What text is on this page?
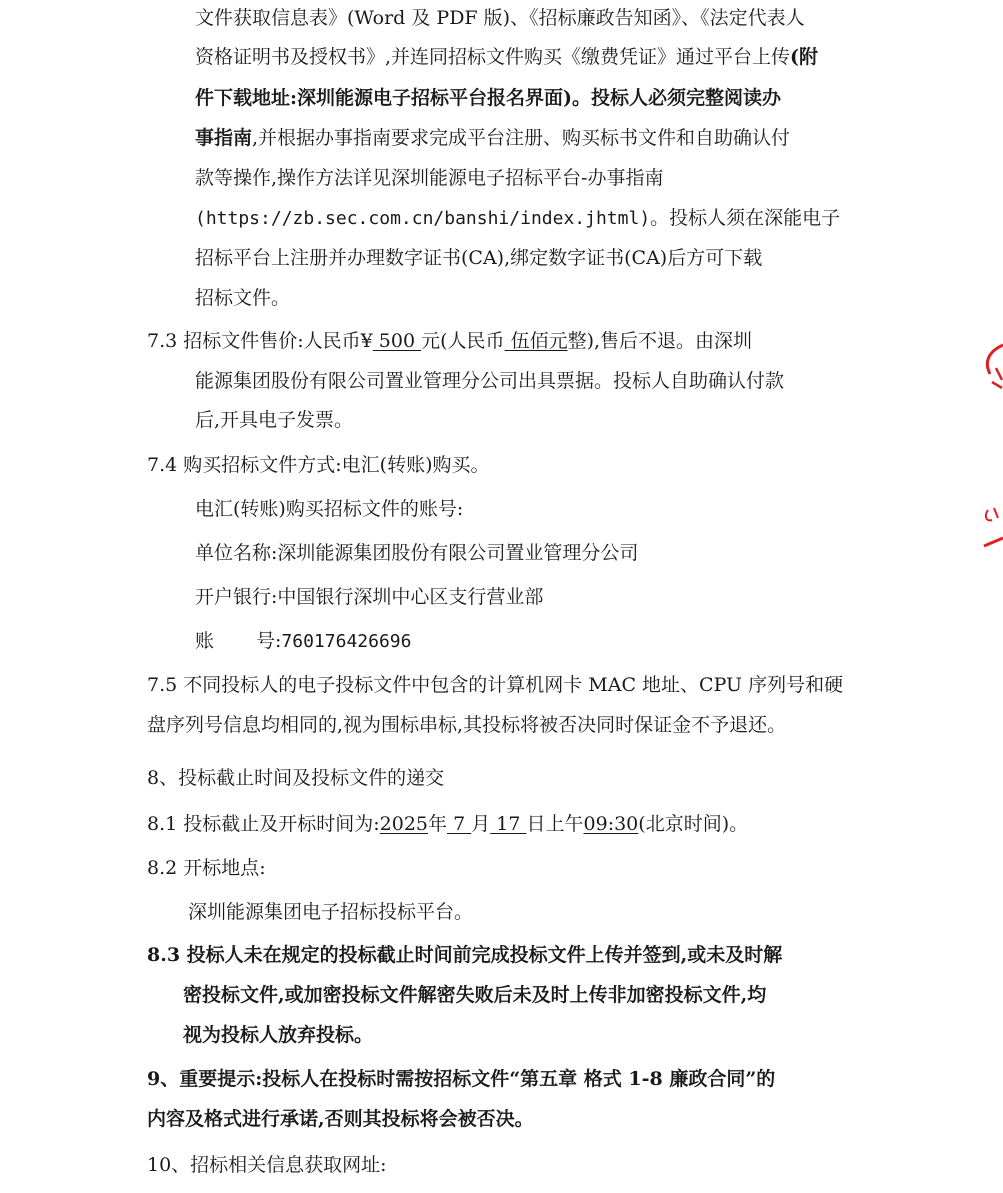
文件获取信息表》(Word 及 PDF 版)、《招标廉政告知函》、《法定代表人
资格证明书及授权书》,并连同招标文件购买《缴费凭证》通过平台上传(附
件下载地址:深圳能源电子招标平台报名界面)。投标人必须完整阅读办
事指南,并根据办事指南要求完成平台注册、购买标书文件和自助确认付
款等操作,操作方法详见深圳能源电子招标平台-办事指南
(https://zb.sec.com.cn/banshi/index.jhtml)。投标人须在深能电子
招标平台上注册并办理数字证书(CA),绑定数字证书(CA)后方可下载
招标文件。
7.3 招标文件售价:人民币¥ 500 元(人民币 伍佰元整),售后不退。由深圳
能源集团股份有限公司置业管理分公司出具票据。投标人自助确认付款
后,开具电子发票。
7.4 购买招标文件方式:电汇(转账)购买。
电汇(转账)购买招标文件的账号:
单位名称:深圳能源集团股份有限公司置业管理分公司
开户银行:中国银行深圳中心区支行营业部
账 号:760176426696
7.5 不同投标人的电子投标文件中包含的计算机网卡 MAC 地址、CPU 序列号和硬
盘序列号信息均相同的,视为围标串标,其投标将被否决同时保证金不予退还。
8、投标截止时间及投标文件的递交
8.1 投标截止及开标时间为:2025年 7 月 17 日上午09:30(北京时间)。
8.2 开标地点:
深圳能源集团电子招标投标平台。
8.3 投标人未在规定的投标截止时间前完成投标文件上传并签到,或未及时解
密投标文件,或加密投标文件解密失败后未及时上传非加密投标文件,均
视为投标人放弃投标。
9、重要提示:投标人在投标时需按招标文件“第五章 格式 1-8 廉政合同”的
内容及格式进行承诺,否则其投标将会被否决。
10、招标相关信息获取网址:
